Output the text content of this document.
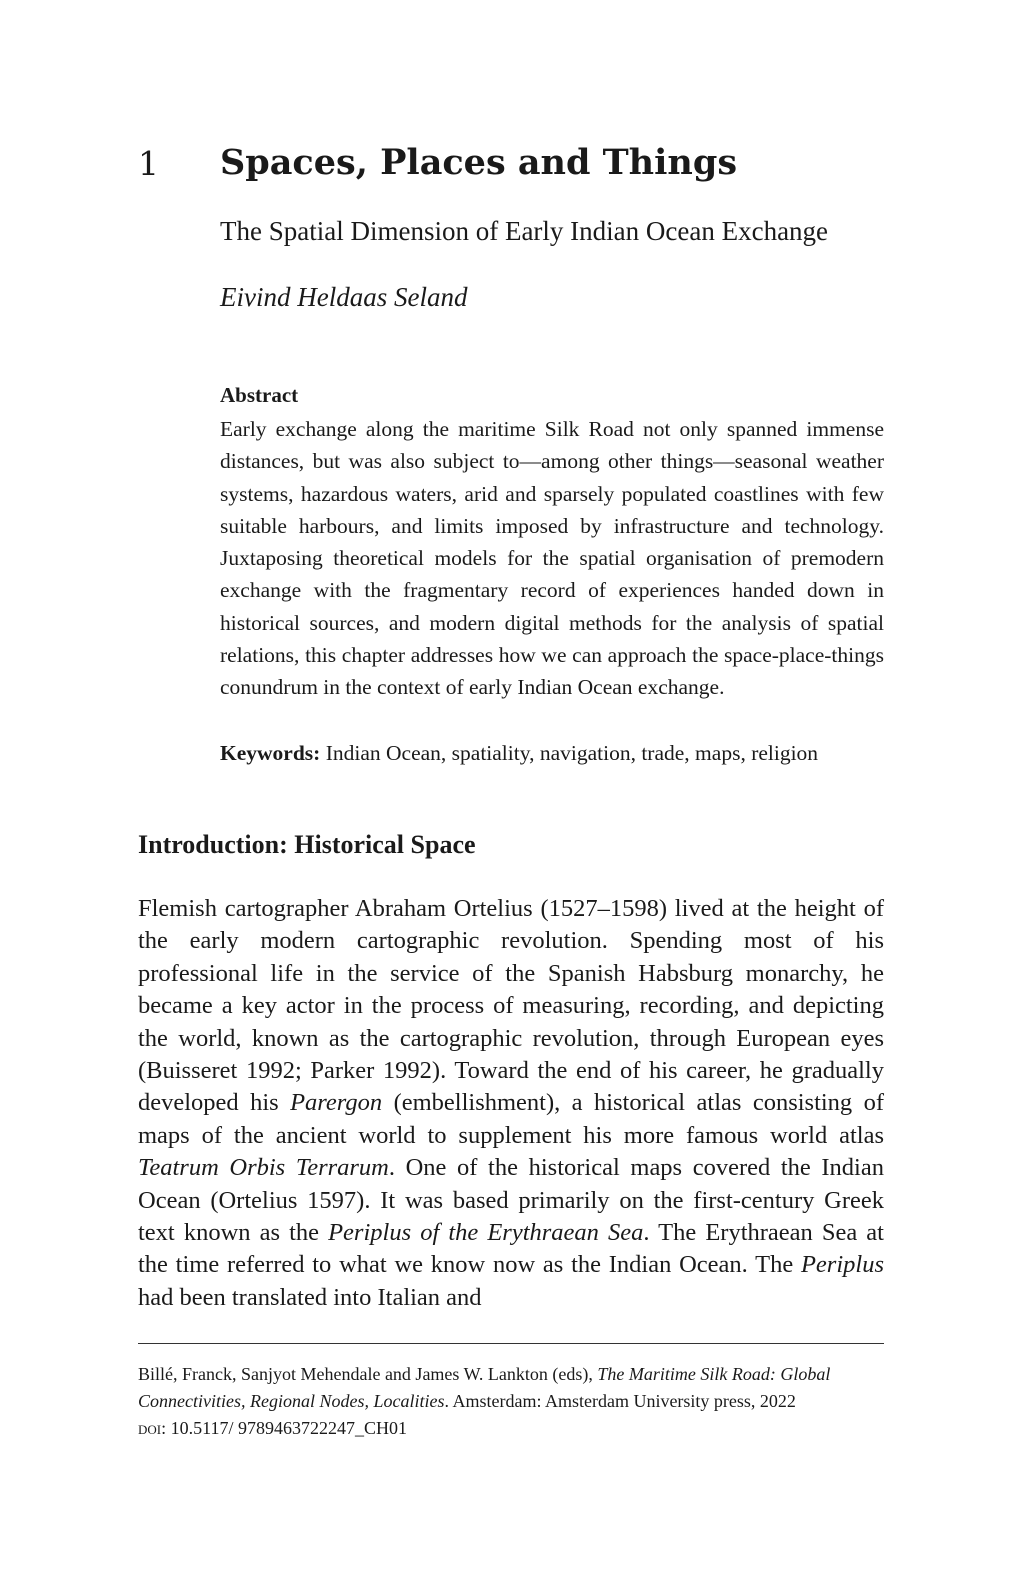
1 Spaces, Places and Things
The Spatial Dimension of Early Indian Ocean Exchange

Eivind Heldaas Seland

Abstract

Early exchange along the maritime Silk Road not only spanned immense distances, but was also subject to—among other things—seasonal weather systems, hazardous waters, arid and sparsely populated coastlines with few suitable harbours, and limits imposed by infrastructure and technology. Juxtaposing theoretical models for the spatial organisation of premodern exchange with the fragmentary record of experiences handed down in historical sources, and modern digital methods for the analysis of spatial relations, this chapter addresses how we can approach the space-place-things conundrum in the context of early Indian Ocean exchange.

Keywords: Indian Ocean, spatiality, navigation, trade, maps, religion

Introduction: Historical Space

Flemish cartographer Abraham Ortelius (1527–1598) lived at the height of the early modern cartographic revolution. Spending most of his professional life in the service of the Spanish Habsburg monarchy, he became a key actor in the process of measuring, recording, and depicting the world, known as the cartographic revolution, through European eyes (Buisseret 1992; Parker 1992). Toward the end of his career, he gradually developed his Parergon (embellishment), a historical atlas consisting of maps of the ancient world to supplement his more famous world atlas Teatrum Orbis Terrarum. One of the historical maps covered the Indian Ocean (Ortelius 1597). It was based primarily on the first-century Greek text known as the Periplus of the Erythraean Sea. The Erythraean Sea at the time referred to what we know now as the Indian Ocean. The Periplus had been translated into Italian and

Billé, Franck, Sanjyot Mehendale and James W. Lankton (eds), The Maritime Silk Road: Global
Connectivities, Regional Nodes, Localities. Amsterdam: Amsterdam University press, 2022
doi: 10.5117/ 9789463722247_CH01
